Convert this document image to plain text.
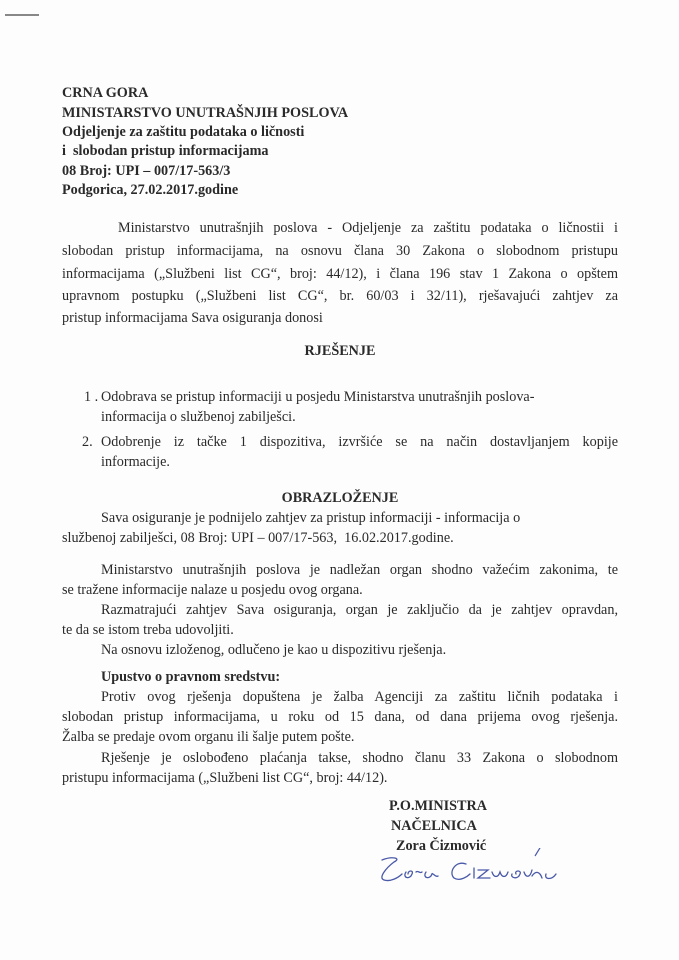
CRNA GORA
MINISTARSTVO UNUTRAŠNJIH POSLOVA
Odjeljenje za zaštitu podataka o ličnosti
i  slobodan pristup informacijama
08 Broj: UPI – 007/17-563/3
Podgorica, 27.02.2017.godine
Ministarstvo unutrašnjih poslova - Odjeljenje za zaštitu podataka o ličnostii i
slobodan pristup informacijama, na osnovu člana 30 Zakona o slobodnom pristupu
informacijama („Službeni list CG“, broj: 44/12), i člana 196 stav 1 Zakona o opštem
upravnom postupku („Službeni list CG“, br. 60/03 i 32/11), rješavajući zahtjev za
pristup informacijama Sava osiguranja donosi
RJEŠENJE
1 . Odobrava se pristup informaciji u posjedu Ministarstva unutrašnjih poslova-
informacija o službenoj zabilješci.
2. Odobrenje iz tačke 1 dispozitiva, izvršiće se na način dostavljanjem kopije
informacije.
OBRAZLOŽENJE
Sava osiguranje je podnijelo zahtjev za pristup informaciji - informacija o
službenoj zabilješci, 08 Broj: UPI – 007/17-563,  16.02.2017.godine.
Ministarstvo unutrašnjih poslova je nadležan organ shodno važećim zakonima, te
se tražene informacije nalaze u posjedu ovog organa.
Razmatrajući zahtjev Sava osiguranja, organ je zaključio da je zahtjev opravdan,
te da se istom treba udovoljiti.
Na osnovu izloženog, odlučeno je kao u dispozitivu rješenja.
Upustvo o pravnom sredstvu:
Protiv ovog rješenja dopuštena je žalba Agenciji za zaštitu ličnih podataka i
slobodan pristup informacijama, u roku od 15 dana, od dana prijema ovog rješenja.
Žalba se predaje ovom organu ili šalje putem pošte.
Rješenje je oslobođeno plaćanja takse, shodno članu 33 Zakona o slobodnom
pristupu informacijama („Službeni list CG“, broj: 44/12).
P.O.MINISTRA
NAČELNICA
Zora Čizmović
